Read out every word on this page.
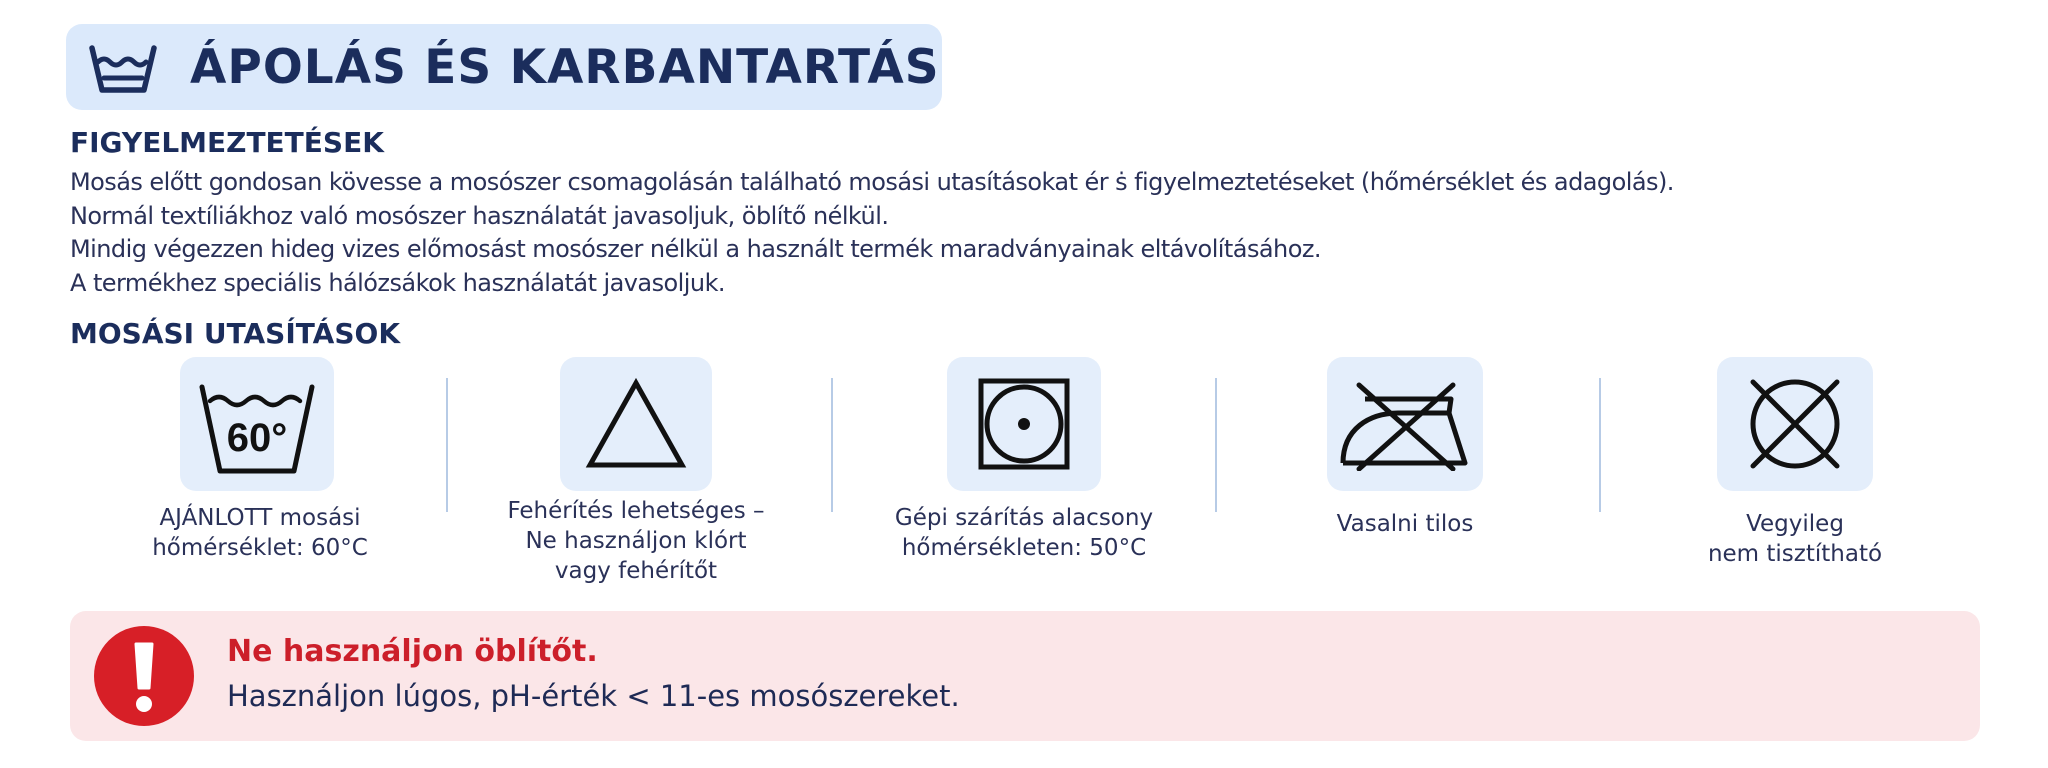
ÁPOLÁS ÉS KARBANTARTÁS
FIGYELMEZTETÉSEK
Mosás előtt gondosan kövesse a mosószer csomagolásán található mosási utasításokat ér ṡ figyelmeztetéseket (hőmérséklet és adagolás).
Normál textíliákhoz való mosószer használatát javasoljuk, öblítő nélkül.
Mindig végezzen hideg vizes előmosást mosószer nélkül a használt termék maradványainak eltávolításához.
A termékhez speciális hálózsákok használatát javasoljuk.
MOSÁSI UTASÍTÁSOK
60°
AJÁNLOTT mosási
hőmérséklet: 60°C
Fehérítés lehetséges –
Ne használjon klórt
vagy fehérítőt
Gépi szárítás alacsony
hőmérsékleten: 50°C
Vasalni tilos	Vegyileg
nem tisztítható
Ne használjon öblítőt.
Használjon lúgos, pH-érték < 11-es mosószereket.
